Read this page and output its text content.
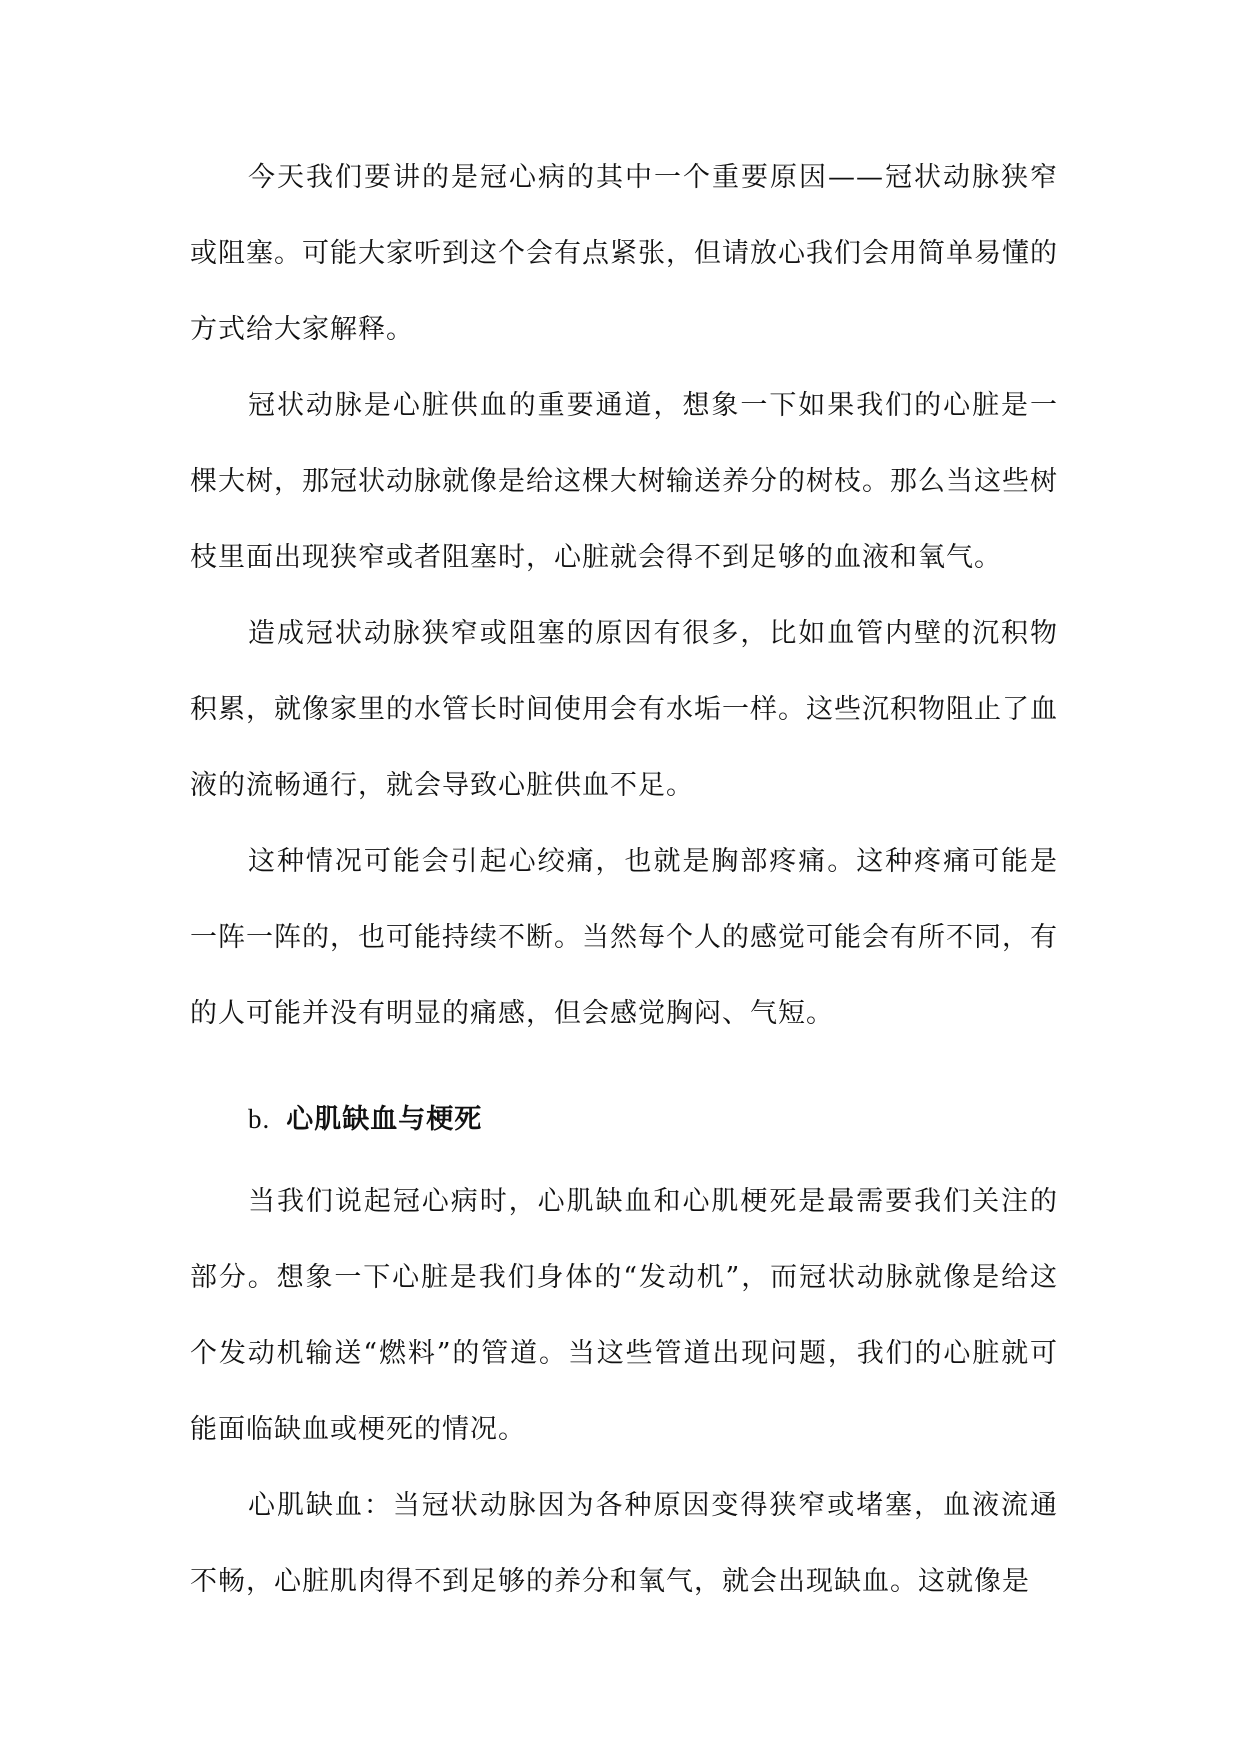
今天我们要讲的是冠心病的其中一个重要原因——冠状动脉狭窄或阻塞。可能大家听到这个会有点紧张，但请放心我们会用简单易懂的方式给大家解释。

冠状动脉是心脏供血的重要通道，想象一下如果我们的心脏是一棵大树，那冠状动脉就像是给这棵大树输送养分的树枝。那么当这些树枝里面出现狭窄或者阻塞时，心脏就会得不到足够的血液和氧气。

造成冠状动脉狭窄或阻塞的原因有很多，比如血管内壁的沉积物积累，就像家里的水管长时间使用会有水垢一样。这些沉积物阻止了血液的流畅通行，就会导致心脏供血不足。

这种情况可能会引起心绞痛，也就是胸部疼痛。这种疼痛可能是一阵一阵的，也可能持续不断。当然每个人的感觉可能会有所不同，有的人可能并没有明显的痛感，但会感觉胸闷、气短。

b. 心肌缺血与梗死

当我们说起冠心病时，心肌缺血和心肌梗死是最需要我们关注的部分。想象一下心脏是我们身体的“发动机”，而冠状动脉就像是给这个发动机输送“燃料”的管道。当这些管道出现问题，我们的心脏就可能面临缺血或梗死的情况。

心肌缺血：当冠状动脉因为各种原因变得狭窄或堵塞，血液流通不畅，心脏肌肉得不到足够的养分和氧气，就会出现缺血。这就像是
